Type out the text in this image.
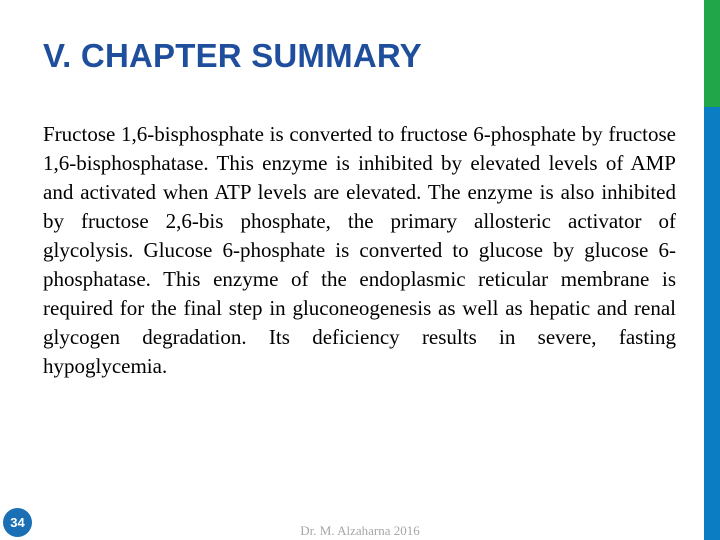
V. CHAPTER SUMMARY

Fructose 1,6-bisphosphate is converted to fructose 6-phosphate by fructose 1,6-bisphosphatase. This enzyme is inhibited by elevated levels of AMP and activated when ATP levels are elevated. The enzyme is also inhibited by fructose 2,6-bis phosphate, the primary allosteric activator of glycolysis. Glucose 6-phosphate is converted to glucose by glucose 6-phosphatase. This enzyme of the endoplasmic reticular membrane is required for the final step in gluconeogenesis as well as hepatic and renal glycogen degradation. Its deficiency results in severe, fasting hypoglycemia.

34
Dr. M. Alzaharna 2016
